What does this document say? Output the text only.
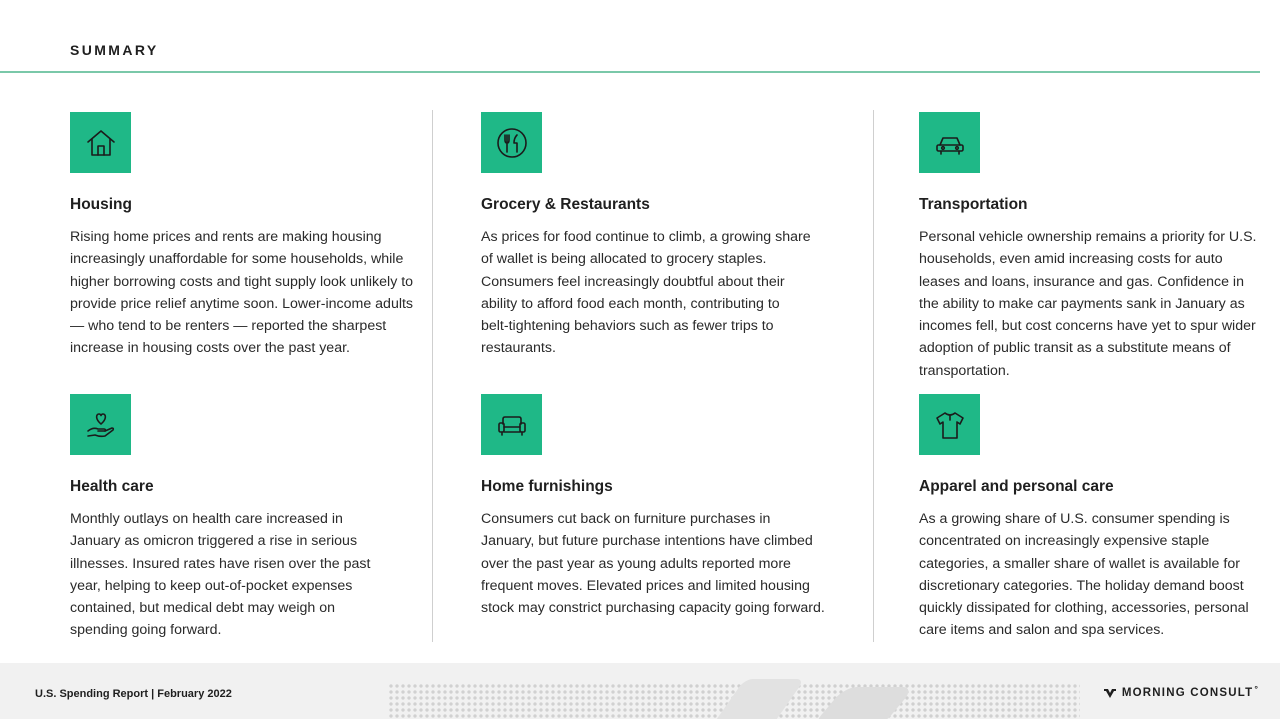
SUMMARY
Housing

Rising home prices and rents are making housing increasingly unaffordable for some households, while higher borrowing costs and tight supply look unlikely to provide price relief anytime soon. Lower-income adults — who tend to be renters — reported the sharpest increase in housing costs over the past year.

Grocery & Restaurants

As prices for food continue to climb, a growing share of wallet is being allocated to grocery staples. Consumers feel increasingly doubtful about their ability to afford food each month, contributing to belt-tightening behaviors such as fewer trips to restaurants.

Transportation

Personal vehicle ownership remains a priority for U.S. households, even amid increasing costs for auto leases and loans, insurance and gas. Confidence in the ability to make car payments sank in January as incomes fell, but cost concerns have yet to spur wider adoption of public transit as a substitute means of transportation.

Health care

Monthly outlays on health care increased in January as omicron triggered a rise in serious illnesses. Insured rates have risen over the past year, helping to keep out-of-pocket expenses contained, but medical debt may weigh on spending going forward.

Home furnishings

Consumers cut back on furniture purchases in January, but future purchase intentions have climbed over the past year as young adults reported more frequent moves. Elevated prices and limited housing stock may constrict purchasing capacity going forward.

Apparel and personal care

As a growing share of U.S. consumer spending is concentrated on increasingly expensive staple categories, a smaller share of wallet is available for discretionary categories. The holiday demand boost quickly dissipated for clothing, accessories, personal care items and salon and spa services.

U.S. Spending Report | February 2022	MORNING CONSULT °
